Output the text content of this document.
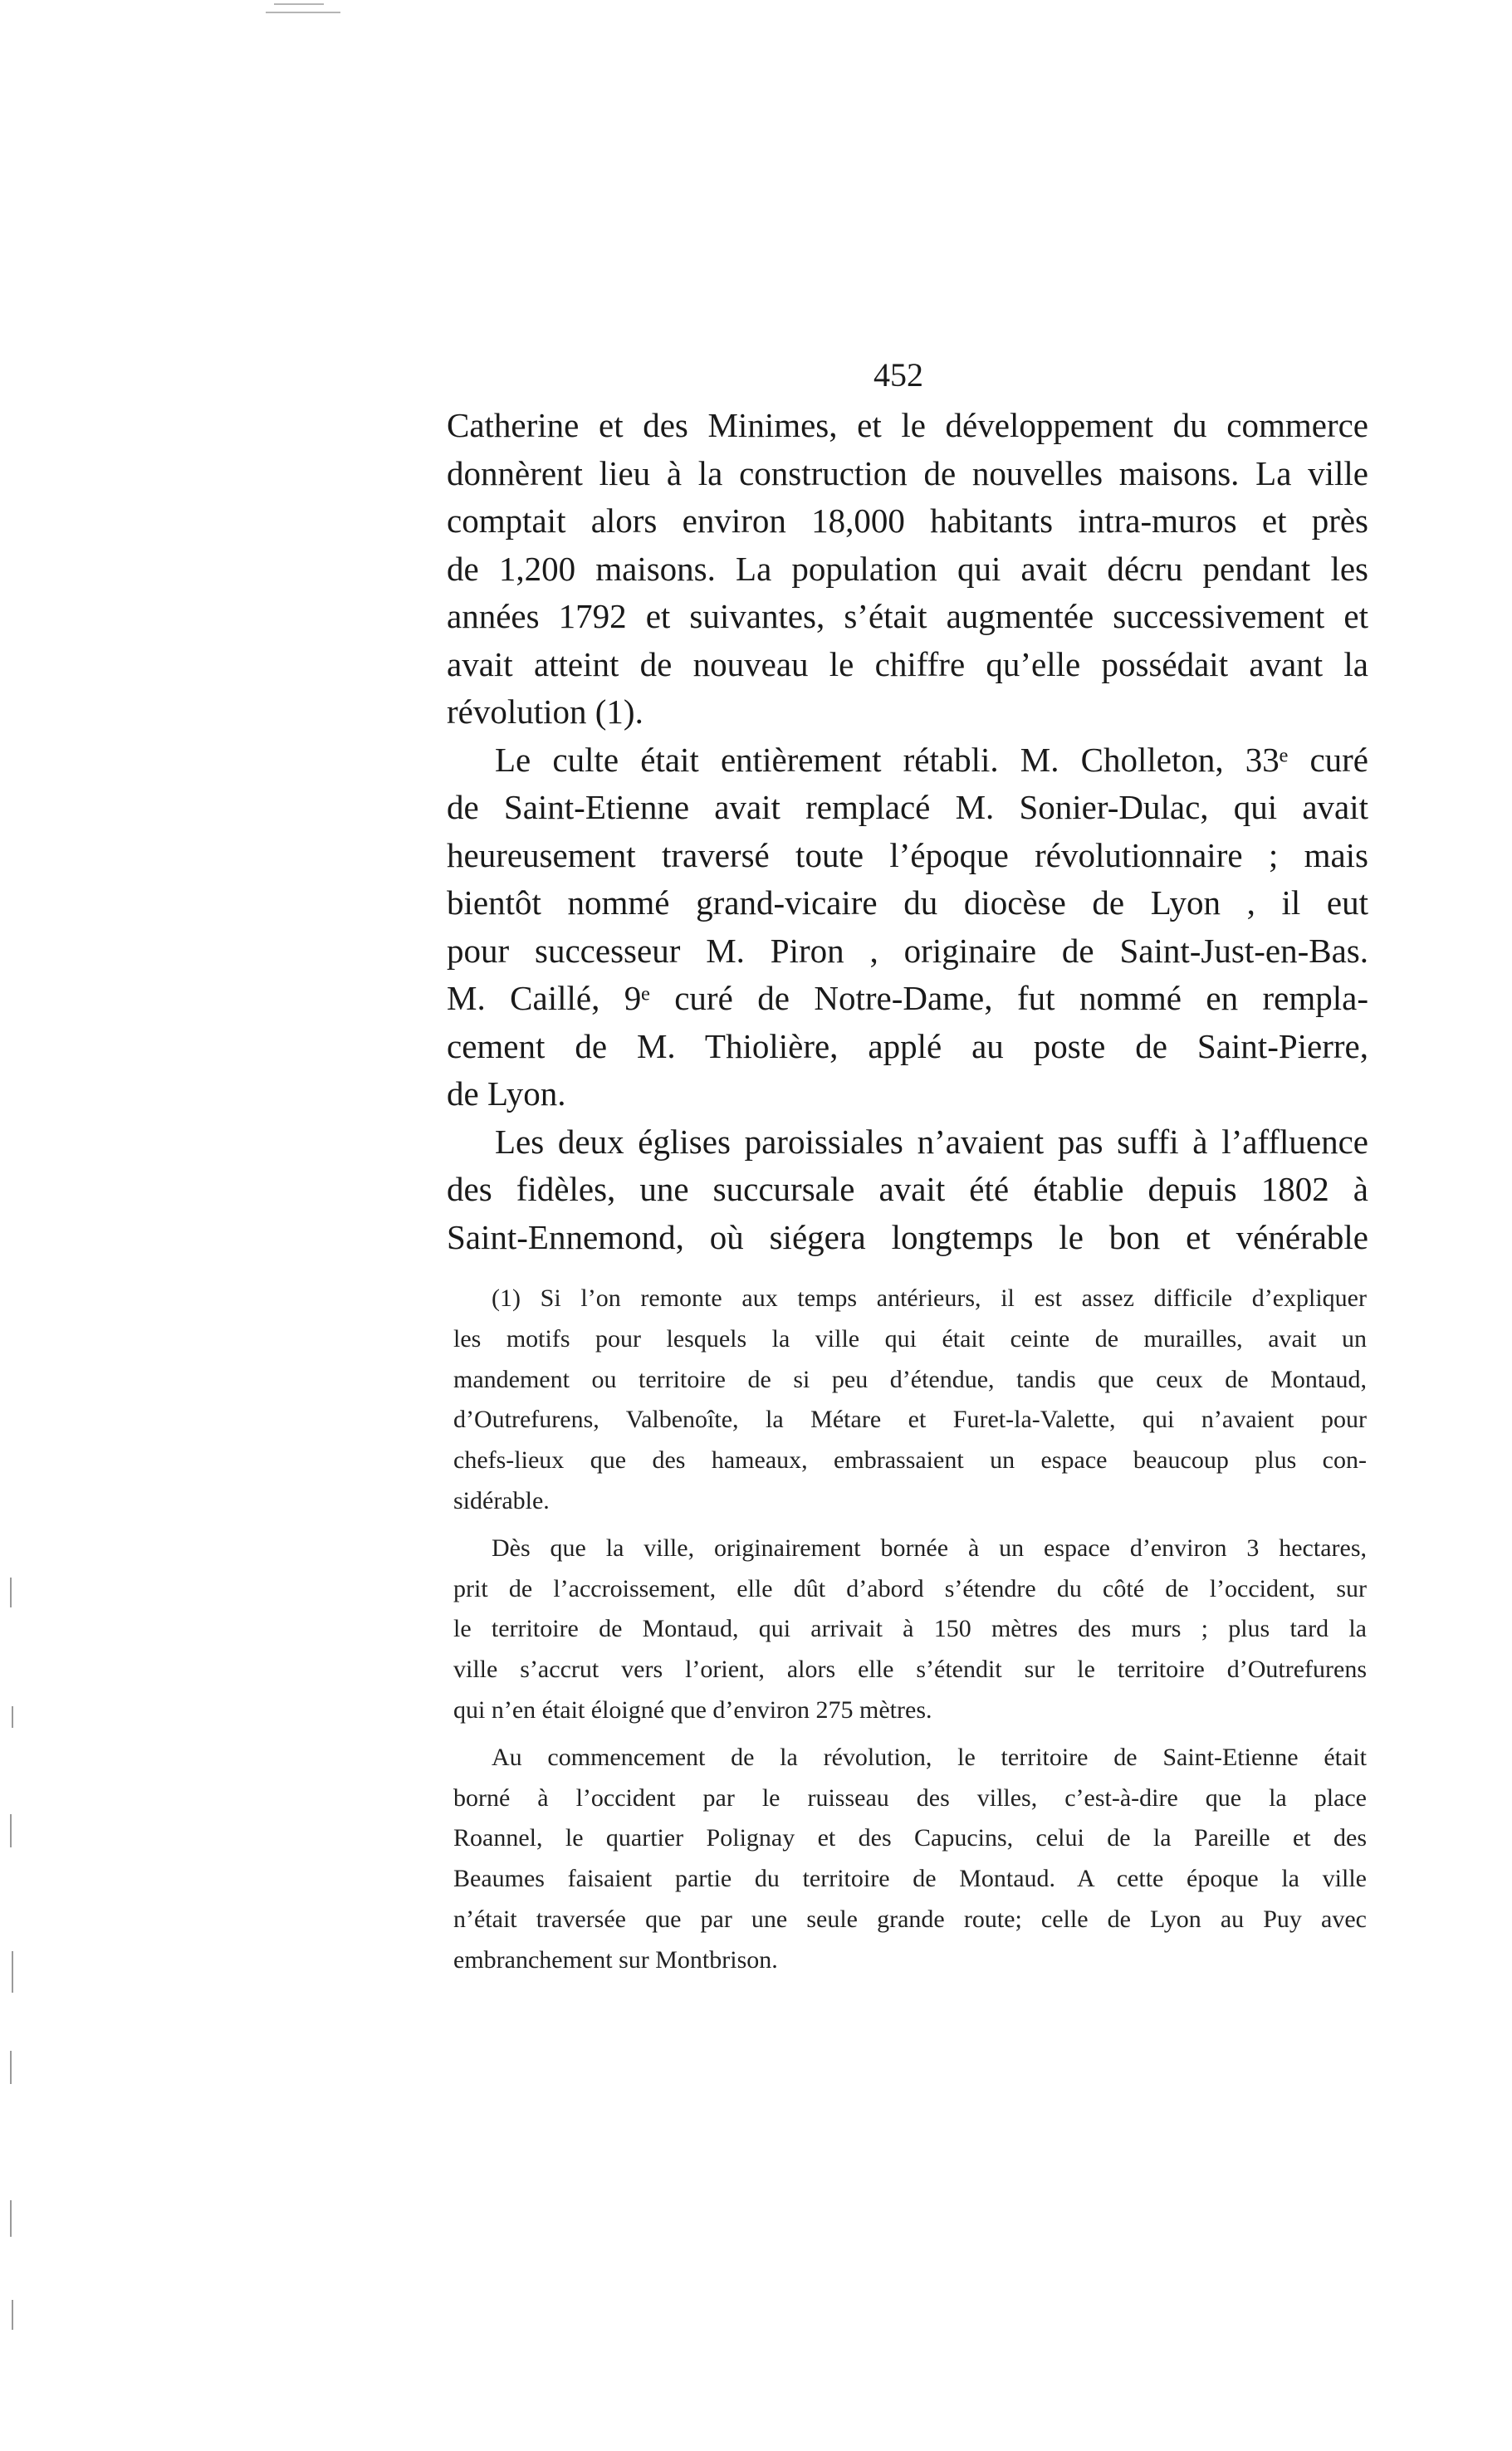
452

Catherine et des Minimes, et le développement du commerce
donnèrent lieu à la construction de nouvelles maisons. La ville
comptait alors environ 18,000 habitants intra-muros et près
de 1,200 maisons. La population qui avait décru pendant les
années 1792 et suivantes, s’était augmentée successivement et
avait atteint de nouveau le chiffre qu’elle possédait avant la
révolution (1).

Le culte était entièrement rétabli. M. Cholleton, 33ᵉ curé
de Saint-Etienne avait remplacé M. Sonier-Dulac, qui avait
heureusement traversé toute l’époque révolutionnaire ; mais
bientôt nommé grand-vicaire du diocèse de Lyon , il eut
pour successeur M. Piron , originaire de Saint-Just-en-Bas.
M. Caillé, 9ᵉ curé de Notre-Dame, fut nommé en rempla-
cement de M. Thiolière, applé au poste de Saint-Pierre,
de Lyon.

Les deux églises paroissiales n’avaient pas suffi à l’affluence
des fidèles, une succursale avait été établie depuis 1802 à
Saint-Ennemond, où siégera longtemps le bon et vénérable

(1) Si l’on remonte aux temps antérieurs, il est assez difficile d’expliquer
les motifs pour lesquels la ville qui était ceinte de murailles, avait un
mandement ou territoire de si peu d’étendue, tandis que ceux de Montaud,
d’Outrefurens, Valbenoîte, la Métare et Furet-la-Valette, qui n’avaient pour
chefs-lieux que des hameaux, embrassaient un espace beaucoup plus con-
sidérable.

Dès que la ville, originairement bornée à un espace d’environ 3 hectares,
prit de l’accroissement, elle dût d’abord s’étendre du côté de l’occident, sur
le territoire de Montaud, qui arrivait à 150 mètres des murs ; plus tard la
ville s’accrut vers l’orient, alors elle s’étendit sur le territoire d’Outrefurens
qui n’en était éloigné que d’environ 275 mètres.

Au commencement de la révolution, le territoire de Saint-Etienne était
borné à l’occident par le ruisseau des villes, c’est-à-dire que la place
Roannel, le quartier Polignay et des Capucins, celui de la Pareille et des
Beaumes faisaient partie du territoire de Montaud. A cette époque la ville
n’était traversée que par une seule grande route; celle de Lyon au Puy avec
embranchement sur Montbrison.
